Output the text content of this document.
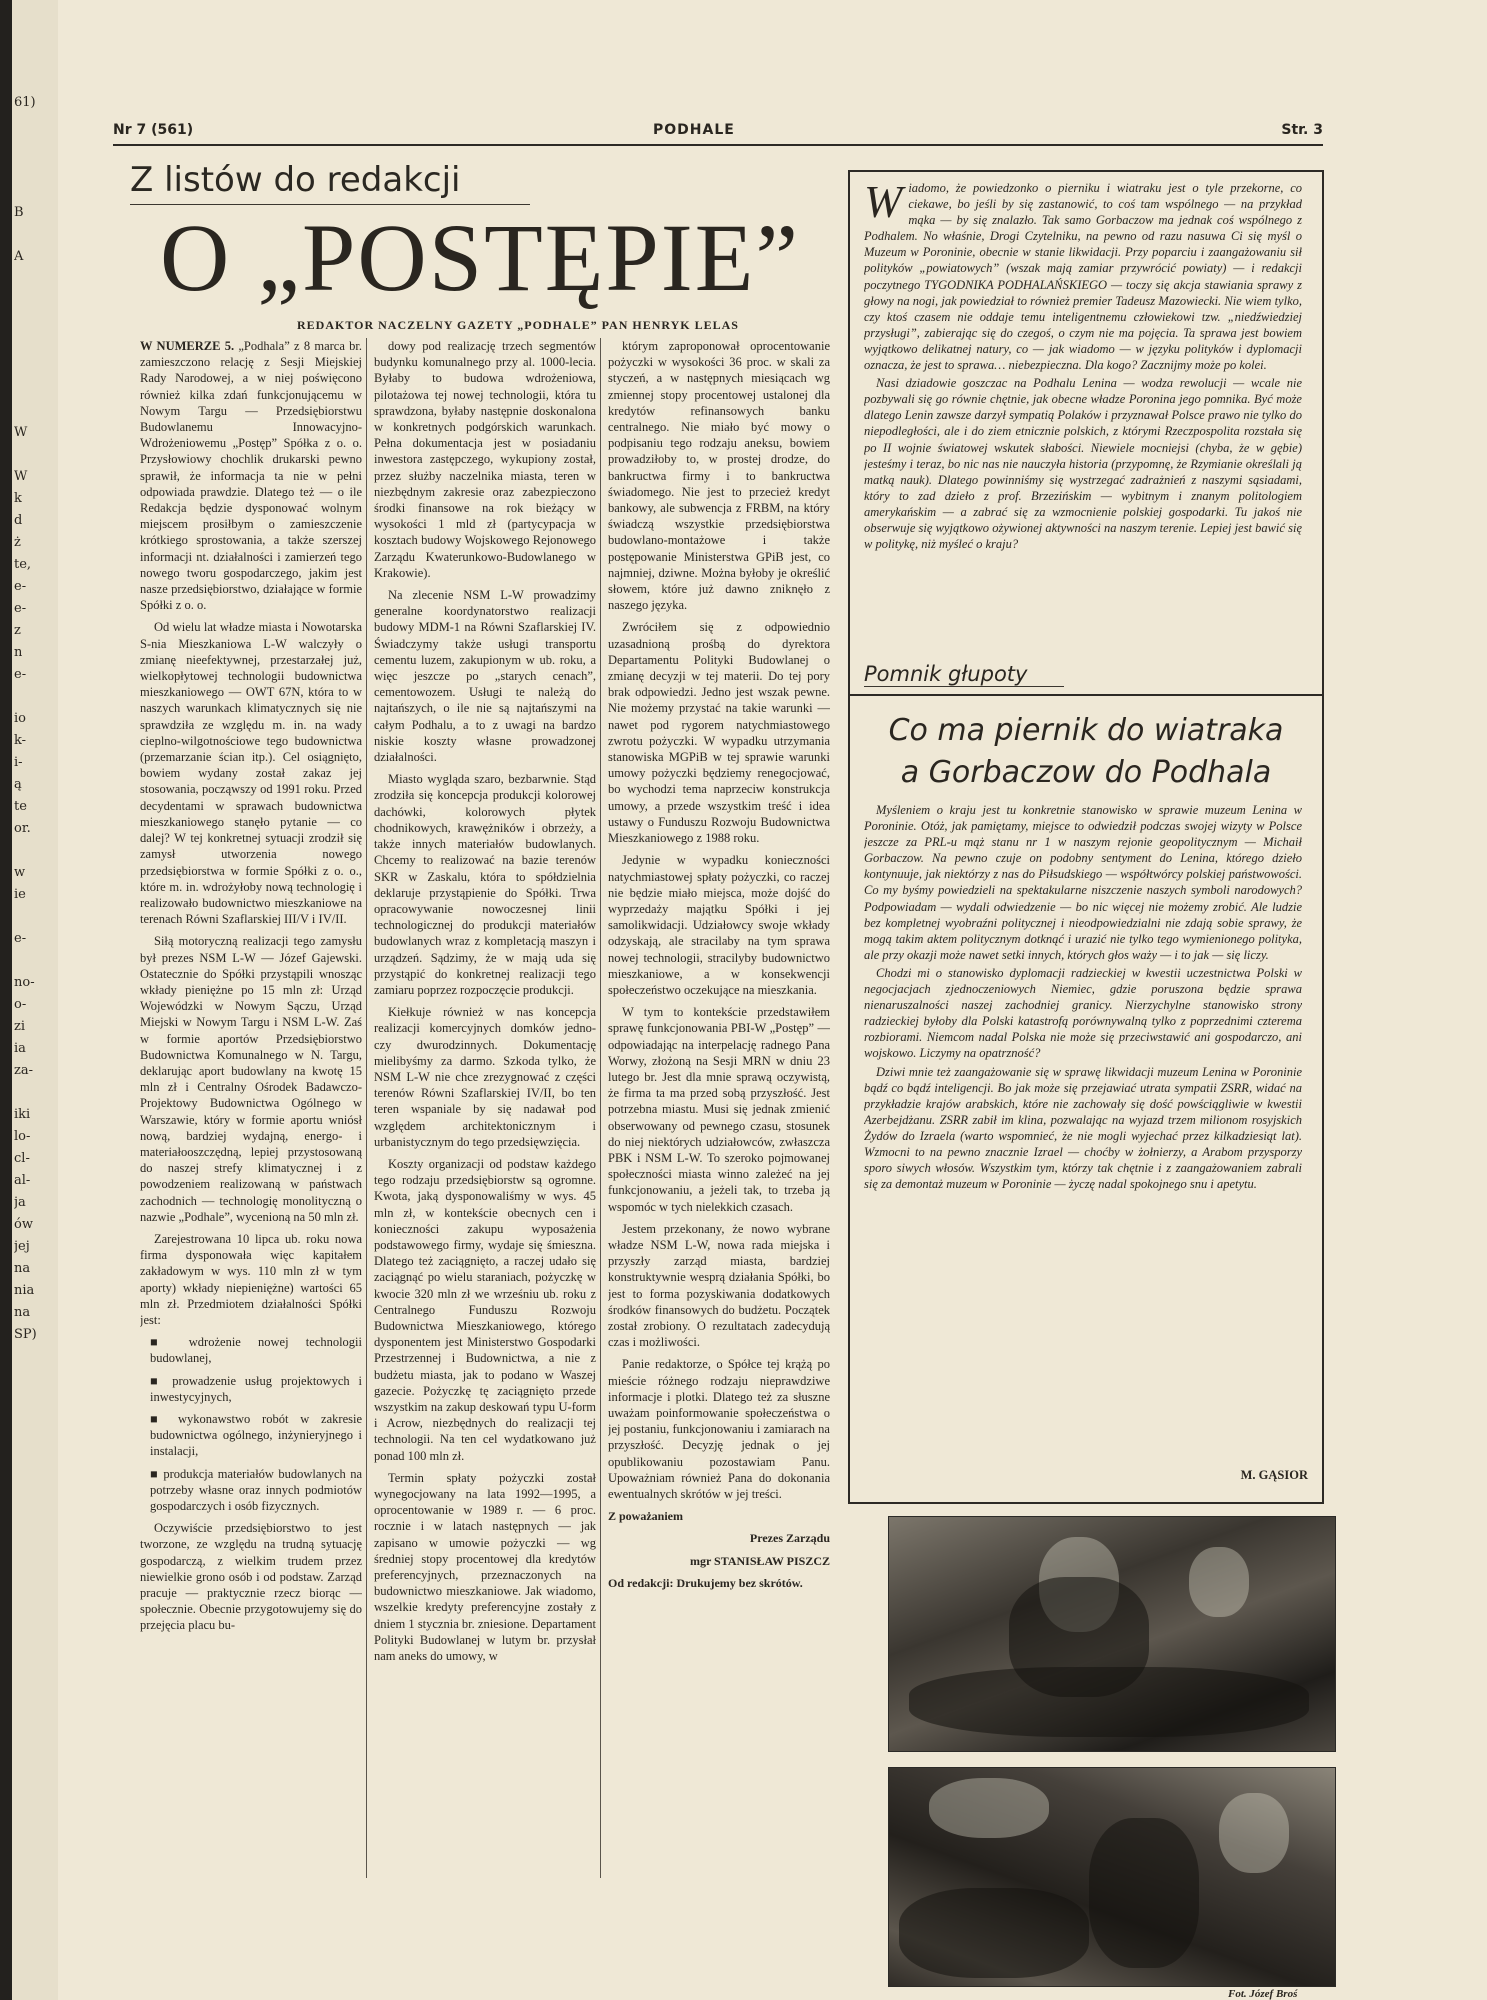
61)
B
A
W
W
k
d
ż
te,
e-
e-
z
n
e-
io
k-
i-
ą
te
or.
w
ie
e-
no-
o-
zi
ia
za-
iki
lo-
cl-
al-
ja
ów
jej
na
nia
na
SP)
Nr 7 (561)	PODHALE	Str. 3
Z listów do redakcji
O „POSTĘPIE”
REDAKTOR NACZELNY GAZETY „PODHALE” PAN HENRYK LELAS

W NUMERZE 5. „Podhala” z 8 marca br. zamieszczono relację z Sesji Miejskiej Rady Narodowej, a w niej poświęcono również kilka zdań funkcjonującemu w Nowym Targu — Przedsiębiorstwu Budowlanemu Innowacyjno-Wdrożeniowemu „Postęp” Spółka z o. o. Przysłowiowy chochlik drukarski pewno sprawił, że informacja ta nie w pełni odpowiada prawdzie. Dlatego też — o ile Redakcja będzie dysponować wolnym miejscem prosiłbym o zamieszczenie krótkiego sprostowania, a także szerszej informacji nt. działalności i zamierzeń tego nowego tworu gospodarczego, jakim jest nasze przedsiębiorstwo, działające w formie Spółki z o. o.

Od wielu lat władze miasta i Nowotarska S-nia Mieszkaniowa L-W walczyły o zmianę nieefektywnej, przestarzałej już, wielkopłytowej technologii budownictwa mieszkaniowego — OWT 67N, która to w naszych warunkach klimatycznych się nie sprawdziła ze względu m. in. na wady cieplno-wilgotnościowe tego budownictwa (przemarzanie ścian itp.). Cel osiągnięto, bowiem wydany został zakaz jej stosowania, począwszy od 1991 roku. Przed decydentami w sprawach budownictwa mieszkaniowego stanęło pytanie — co dalej? W tej konkretnej sytuacji zrodził się zamysł utworzenia nowego przedsiębiorstwa w formie Spółki z o. o., które m. in. wdrożyłoby nową technologię i realizowało budownictwo mieszkaniowe na terenach Równi Szaflarskiej III/V i IV/II.

Siłą motoryczną realizacji tego zamysłu był prezes NSM L-W — Józef Gajewski. Ostatecznie do Spółki przystąpili wnosząc wkłady pieniężne po 15 mln zł: Urząd Wojewódzki w Nowym Sączu, Urząd Miejski w Nowym Targu i NSM L-W. Zaś w formie aportów Przedsiębiorstwo Budownictwa Komunalnego w N. Targu, deklarując aport budowlany na kwotę 15 mln zł i Centralny Ośrodek Badawczo-Projektowy Budownictwa Ogólnego w Warszawie, który w formie aportu wniósł nową, bardziej wydajną, energo- i materiałooszczędną, lepiej przystosowaną do naszej strefy klimatycznej i z powodzeniem realizowaną w państwach zachodnich — technologię monolityczną o nazwie „Podhale”, wycenioną na 50 mln zł.

Zarejestrowana 10 lipca ub. roku nowa firma dysponowała więc kapitałem zakładowym w wys. 110 mln zł w tym aporty) wkłady niepieniężne) wartości 65 mln zł. Przedmiotem działalności Spółki jest:

■ wdrożenie nowej technologii budowlanej,

■ prowadzenie usług projektowych i inwestycyjnych,

■ wykonawstwo robót w zakresie budownictwa ogólnego, inżynieryjnego i instalacji,

■ produkcja materiałów budowlanych na potrzeby własne oraz innych podmiotów gospodarczych i osób fizycznych.

Oczywiście przedsiębiorstwo to jest tworzone, ze względu na trudną sytuację gospodarczą, z wielkim trudem przez niewielkie grono osób i od podstaw. Zarząd pracuje — praktycznie rzecz biorąc — społecznie. Obecnie przygotowujemy się do przejęcia placu bu-

dowy pod realizację trzech segmentów budynku komunalnego przy al. 1000-lecia. Byłaby to budowa wdrożeniowa, pilotażowa tej nowej technologii, która tu sprawdzona, byłaby następnie doskonalona w konkretnych podgórskich warunkach. Pełna dokumentacja jest w posiadaniu inwestora zastępczego, wykupiony został, przez służby naczelnika miasta, teren w niezbędnym zakresie oraz zabezpieczono środki finansowe na rok bieżący w wysokości 1 mld zł (partycypacja w kosztach budowy Wojskowego Rejonowego Zarządu Kwaterunkowo-Budowlanego w Krakowie).

Na zlecenie NSM L-W prowadzimy generalne koordynatorstwo realizacji budowy MDM-1 na Równi Szaflarskiej IV. Świadczymy także usługi transportu cementu luzem, zakupionym w ub. roku, a więc jeszcze po „starych cenach”, cementowozem. Usługi te należą do najtańszych, o ile nie są najtańszymi na całym Podhalu, a to z uwagi na bardzo niskie koszty własne prowadzonej działalności.

Miasto wygląda szaro, bezbarwnie. Stąd zrodziła się koncepcja produkcji kolorowej dachówki, kolorowych płytek chodnikowych, krawężników i obrzeży, a także innych materiałów budowlanych. Chcemy to realizować na bazie terenów SKR w Zaskalu, która to spółdzielnia deklaruje przystąpienie do Spółki. Trwa opracowywanie nowoczesnej linii technologicznej do produkcji materiałów budowlanych wraz z kompletacją maszyn i urządzeń. Sądzimy, że w mają uda się przystąpić do konkretnej realizacji tego zamiaru poprzez rozpoczęcie produkcji.

Kiełkuje również w nas koncepcja realizacji komercyjnych domków jedno- czy dwurodzinnych. Dokumentację mielibyśmy za darmo. Szkoda tylko, że NSM L-W nie chce zrezygnować z części terenów Równi Szaflarskiej IV/II, bo ten teren wspaniale by się nadawał pod względem architektonicznym i urbanistycznym do tego przedsięwzięcia.

Koszty organizacji od podstaw każdego tego rodzaju przedsiębiorstw są ogromne. Kwota, jaką dysponowaliśmy w wys. 45 mln zł, w kontekście obecnych cen i konieczności zakupu wyposażenia podstawowego firmy, wydaje się śmieszna. Dlatego też zaciągnięto, a raczej udało się zaciągnąć po wielu staraniach, pożyczkę w kwocie 320 mln zł we wrześniu ub. roku z Centralnego Funduszu Rozwoju Budownictwa Mieszkaniowego, którego dysponentem jest Ministerstwo Gospodarki Przestrzennej i Budownictwa, a nie z budżetu miasta, jak to podano w Waszej gazecie. Pożyczkę tę zaciągnięto przede wszystkim na zakup deskowań typu U-form i Acrow, niezbędnych do realizacji tej technologii. Na ten cel wydatkowano już ponad 100 mln zł.

Termin spłaty pożyczki został wynegocjowany na lata 1992—1995, a oprocentowanie w 1989 r. — 6 proc. rocznie i w latach następnych — jak zapisano w umowie pożyczki — wg średniej stopy procentowej dla kredytów preferencyjnych, przeznaczonych na budownictwo mieszkaniowe. Jak wiadomo, wszelkie kredyty preferencyjne zostały z dniem 1 stycznia br. zniesione. Departament Polityki Budowlanej w lutym br. przysłał nam aneks do umowy, w

którym zaproponował oprocentowanie pożyczki w wysokości 36 proc. w skali za styczeń, a w następnych miesiącach wg zmiennej stopy procentowej ustalonej dla kredytów refinansowych banku centralnego. Nie miało być mowy o podpisaniu tego rodzaju aneksu, bowiem prowadziłoby to, w prostej drodze, do bankructwa firmy i to bankructwa świadomego. Nie jest to przecież kredyt bankowy, ale subwencja z FRBM, na który świadczą wszystkie przedsiębiorstwa budowlano-montażowe i także postępowanie Ministerstwa GPiB jest, co najmniej, dziwne. Można byłoby je określić słowem, które już dawno zniknęło z naszego języka.

Zwróciłem się z odpowiednio uzasadnioną prośbą do dyrektora Departamentu Polityki Budowlanej o zmianę decyzji w tej materii. Do tej pory brak odpowiedzi. Jedno jest wszak pewne. Nie możemy przystać na takie warunki — nawet pod rygorem natychmiastowego zwrotu pożyczki. W wypadku utrzymania stanowiska MGPiB w tej sprawie warunki umowy pożyczki będziemy renegocjować, bo wychodzi tema naprzeciw konstrukcja umowy, a przede wszystkim treść i idea ustawy o Funduszu Rozwoju Budownictwa Mieszkaniowego z 1988 roku.

Jedynie w wypadku konieczności natychmiastowej spłaty pożyczki, co raczej nie będzie miało miejsca, może dojść do wyprzedaży majątku Spółki i jej samolikwidacji. Udziałowcy swoje wkłady odzyskają, ale stracilaby na tym sprawa nowej technologii, stracilyby budownictwo mieszkaniowe, a w konsekwencji społeczeństwo oczekujące na mieszkania.

W tym to kontekście przedstawiłem sprawę funkcjonowania PBI-W „Postęp” — odpowiadając na interpelację radnego Pana Worwy, złożoną na Sesji MRN w dniu 23 lutego br. Jest dla mnie sprawą oczywistą, że firma ta ma przed sobą przyszłość. Jest potrzebna miastu. Musi się jednak zmienić obserwowany od pewnego czasu, stosunek do niej niektórych udziałowców, zwłaszcza PBK i NSM L-W. To szeroko pojmowanej społeczności miasta winno zależeć na jej funkcjonowaniu, a jeżeli tak, to trzeba ją wspomóc w tych nielekkich czasach.

Jestem przekonany, że nowo wybrane władze NSM L-W, nowa rada miejska i przyszły zarząd miasta, bardziej konstruktywnie wesprą działania Spółki, bo jest to forma pozyskiwania dodatkowych środków finansowych do budżetu. Początek został zrobiony. O rezultatach zadecydują czas i możliwości.

Panie redaktorze, o Spółce tej krążą po mieście różnego rodzaju nieprawdziwe informacje i plotki. Dlatego też za słuszne uważam poinformowanie społeczeństwa o jej postaniu, funkcjonowaniu i zamiarach na przyszłość. Decyzję jednak o jej opublikowaniu pozostawiam Panu. Upoważniam również Pana do dokonania ewentualnych skrótów w jej treści.

Z poważaniem

Prezes Zarządu

mgr STANISŁAW PISZCZ

Od redakcji: Drukujemy bez skrótów.

Wiadomo, że powiedzonko o pierniku i wiatraku jest o tyle przekorne, co ciekawe, bo jeśli by się zastanowić, to coś tam wspólnego — na przykład mąka — by się znalazło. Tak samo Gorbaczow ma jednak coś wspólnego z Podhalem. No właśnie, Drogi Czytelniku, na pewno od razu nasuwa Ci się myśl o Muzeum w Poroninie, obecnie w stanie likwidacji. Przy poparciu i zaangażowaniu sił polityków „powiatowych” (wszak mają zamiar przywrócić powiaty) — i redakcji poczytnego TYGODNIKA PODHALAŃSKIEGO — toczy się akcja stawiania sprawy z głowy na nogi, jak powiedział to również premier Tadeusz Mazowiecki. Nie wiem tylko, czy ktoś czasem nie oddaje temu inteligentnemu człowiekowi tzw. „niedźwiedziej przysługi”, zabierając się do czegoś, o czym nie ma pojęcia. Ta sprawa jest bowiem wyjątkowo delikatnej natury, co — jak wiadomo — w języku polityków i dyplomacji oznacza, że jest to sprawa… niebezpieczna. Dla kogo? Zacznijmy może po kolei.

Nasi dziadowie goszczac na Podhalu Lenina — wodza rewolucji — wcale nie pozbywali się go równie chętnie, jak obecne władze Poronina jego pomnika. Być może dlatego Lenin zawsze darzył sympatią Polaków i przyznawał Polsce prawo nie tylko do niepodległości, ale i do ziem etnicznie polskich, z którymi Rzeczpospolita rozstała się po II wojnie światowej wskutek słabości. Niewiele mocniejsi (chyba, że w gębie) jesteśmy i teraz, bo nic nas nie nauczyła historia (przypomnę, że Rzymianie określali ją matką nauk). Dlatego powinniśmy się wystrzegać zadrażnień z naszymi sąsiadami, który to zad dzieło z prof. Brzezińskim — wybitnym i znanym politologiem amerykańskim — a zabrać się za wzmocnienie polskiej gospodarki. Tu jakoś nie obserwuje się wyjątkowo ożywionej aktywności na naszym terenie. Lepiej jest bawić się w politykę, niż myśleć o kraju?

Pomnik głupoty
Co ma piernik do wiatraka
a Gorbaczow do Podhala

Myśleniem o kraju jest tu konkretnie stanowisko w sprawie muzeum Lenina w Poroninie. Otóż, jak pamiętamy, miejsce to odwiedził podczas swojej wizyty w Polsce jeszcze za PRL-u mąż stanu nr 1 w naszym rejonie geopolitycznym — Michaił Gorbaczow. Na pewno czuje on podobny sentyment do Lenina, którego dzieło kontynuuje, jak niektórzy z nas do Piłsudskiego — współtwórcy polskiej państwowości. Co my byśmy powiedzieli na spektakularne niszczenie naszych symboli narodowych? Podpowiadam — wydali odwiedzenie — bo nic więcej nie możemy zrobić. Ale ludzie bez kompletnej wyobraźni politycznej i nieodpowiedzialni nie zdają sobie sprawy, że mogą takim aktem politycznym dotknąć i urazić nie tylko tego wymienionego polityka, ale przy okazji może nawet setki innych, których głos waży — i to jak — się liczy.

Chodzi mi o stanowisko dyplomacji radzieckiej w kwestii uczestnictwa Polski w negocjacjach zjednoczeniowych Niemiec, gdzie poruszona będzie sprawa nienaruszalności naszej zachodniej granicy. Nierzychylne stanowisko strony radzieckiej byłoby dla Polski katastrofą porównywalną tylko z poprzednimi czterema rozbiorami. Niemcom nadal Polska nie może się przeciwstawić ani gospodarczo, ani wojskowo. Liczymy na opatrzność?

Dziwi mnie też zaangażowanie się w sprawę likwidacji muzeum Lenina w Poroninie bądź co bądź inteligencji. Bo jak może się przejawiać utrata sympatii ZSRR, widać na przykładzie krajów arabskich, które nie zachowały się dość powściągliwie w kwestii Azerbejdżanu. ZSRR zabił im klina, pozwalając na wyjazd trzem milionom rosyjskich Żydów do Izraela (warto wspomnieć, że nie mogli wyjechać przez kilkadziesiąt lat). Wzmocni to na pewno znacznie Izrael — choćby w żołnierzy, a Arabom przysporzy sporo siwych włosów. Wszystkim tym, którzy tak chętnie i z zaangażowaniem zabrali się za demontaż muzeum w Poroninie — życzę nadal spokojnego snu i apetytu.

M. GĄSIOR
Fot. Józef Broś
